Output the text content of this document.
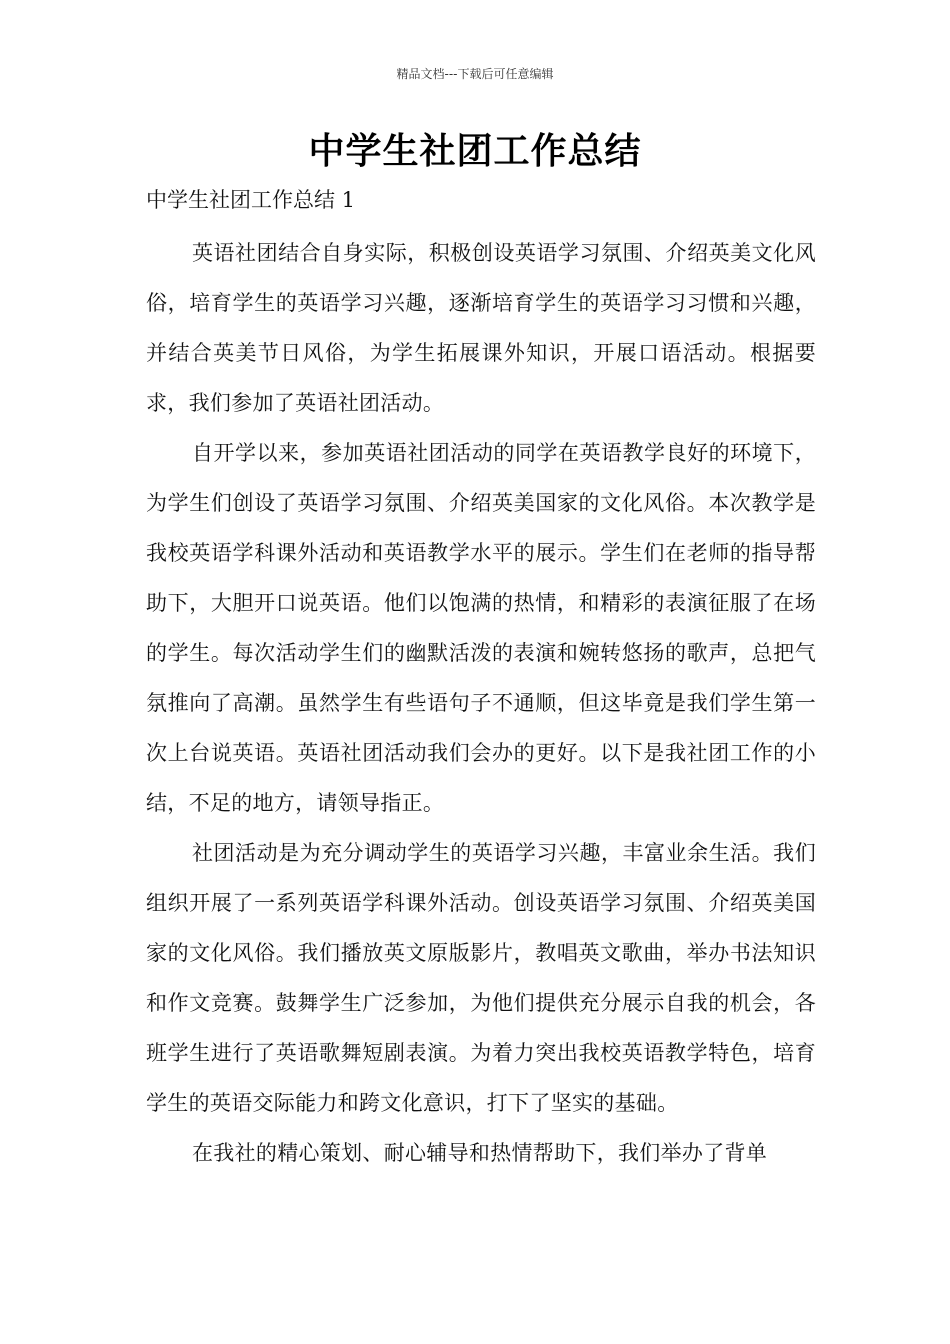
精品文档---下载后可任意编辑
中学生社团工作总结

中学生社团工作总结 1

英语社团结合自身实际，积极创设英语学习氛围、介绍英美文化风俗，培育学生的英语学习兴趣，逐渐培育学生的英语学习习惯和兴趣，并结合英美节日风俗，为学生拓展课外知识，开展口语活动。根据要求，我们参加了英语社团活动。

自开学以来，参加英语社团活动的同学在英语教学良好的环境下，为学生们创设了英语学习氛围、介绍英美国家的文化风俗。本次教学是我校英语学科课外活动和英语教学水平的展示。学生们在老师的指导帮助下，大胆开口说英语。他们以饱满的热情，和精彩的表演征服了在场的学生。每次活动学生们的幽默活泼的表演和婉转悠扬的歌声，总把气氛推向了高潮。虽然学生有些语句子不通顺，但这毕竟是我们学生第一次上台说英语。英语社团活动我们会办的更好。以下是我社团工作的小结，不足的地方，请领导指正。

社团活动是为充分调动学生的英语学习兴趣，丰富业余生活。我们组织开展了一系列英语学科课外活动。创设英语学习氛围、介绍英美国家的文化风俗。我们播放英文原版影片，教唱英文歌曲，举办书法知识和作文竞赛。鼓舞学生广泛参加，为他们提供充分展示自我的机会，各班学生进行了英语歌舞短剧表演。为着力突出我校英语教学特色，培育学生的英语交际能力和跨文化意识，打下了坚实的基础。

在我社的精心策划、耐心辅导和热情帮助下，我们举办了背单
